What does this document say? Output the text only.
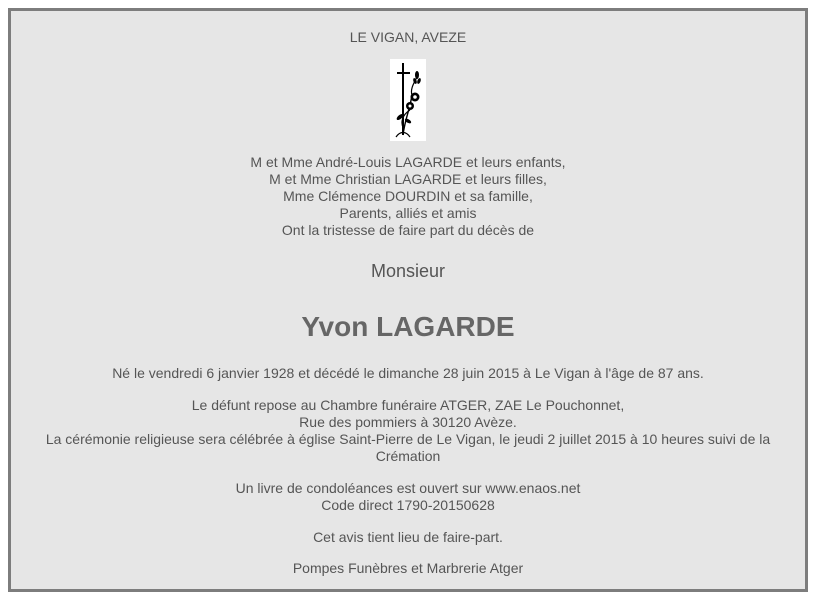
LE VIGAN, AVEZE
M et Mme André-Louis LAGARDE et leurs enfants,
M et Mme Christian LAGARDE et leurs filles,
Mme Clémence DOURDIN et sa famille,
Parents, alliés et amis
Ont la tristesse de faire part du décès de
Monsieur
Yvon LAGARDE
Né le vendredi 6 janvier 1928 et décédé le dimanche 28 juin 2015 à Le Vigan à l'âge de 87 ans.
Le défunt repose au Chambre funéraire ATGER, ZAE Le Pouchonnet,
Rue des pommiers à 30120 Avèze.
La cérémonie religieuse sera célébrée à église Saint-Pierre de Le Vigan, le jeudi 2 juillet 2015 à 10 heures suivi de la Crémation
Un livre de condoléances est ouvert sur www.enaos.net
Code direct 1790-20150628
Cet avis tient lieu de faire-part.
Pompes Funèbres et Marbrerie Atger
